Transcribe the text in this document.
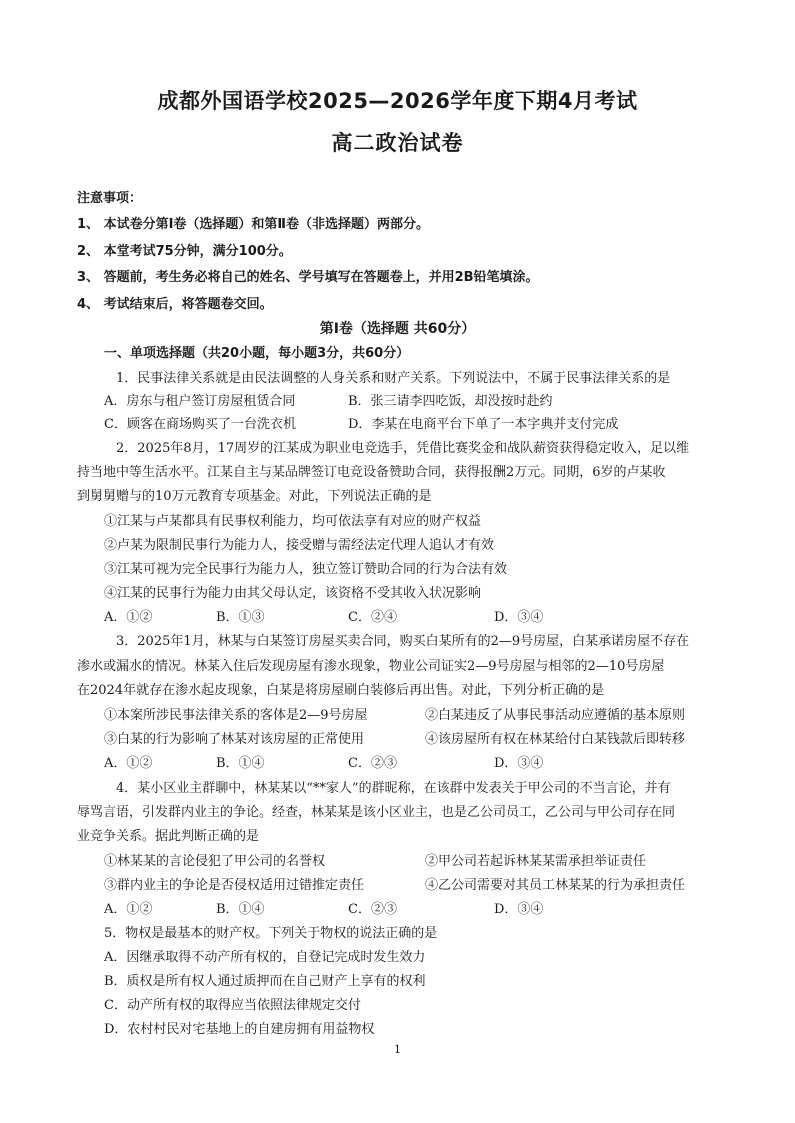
成都外国语学校2025—2026学年度下期4月考试
高二政治试卷
注意事项：
1、 本试卷分第Ⅰ卷（选择题）和第Ⅱ卷（非选择题）两部分。
2、 本堂考试75分钟，满分100分。
3、 答题前，考生务必将自己的姓名、学号填写在答题卷上，并用2B铅笔填涂。
4、 考试结束后，将答题卷交回。
第Ⅰ卷（选择题 共60分）
一、单项选择题（共20小题，每小题3分，共60分）
1．民事法律关系就是由民法调整的人身关系和财产关系。下列说法中，不属于民事法律关系的是
A．房东与租户签订房屋租赁合同	B．张三请李四吃饭，却没按时赴约
C．顾客在商场购买了一台洗衣机	D．李某在电商平台下单了一本字典并支付完成
2．2025年8月，17周岁的江某成为职业电竞选手，凭借比赛奖金和战队薪资获得稳定收入，足以维
持当地中等生活水平。江某自主与某品牌签订电竞设备赞助合同，获得报酬2万元。同期，6岁的卢某收
到舅舅赠与的10万元教育专项基金。对此，下列说法正确的是
①江某与卢某都具有民事权利能力，均可依法享有对应的财产权益
②卢某为限制民事行为能力人，接受赠与需经法定代理人追认才有效
③江某可视为完全民事行为能力人，独立签订赞助合同的行为合法有效
④江某的民事行为能力由其父母认定，该资格不受其收入状况影响
A．①②	B．①③	C．②④	D．③④
3．2025年1月，林某与白某签订房屋买卖合同，购买白某所有的2—9号房屋，白某承诺房屋不存在
渗水或漏水的情况。林某入住后发现房屋有渗水现象，物业公司证实2—9号房屋与相邻的2—10号房屋
在2024年就存在渗水起皮现象，白某是将房屋刷白装修后再出售。对此，下列分析正确的是
①本案所涉民事法律关系的客体是2—9号房屋	②白某违反了从事民事活动应遵循的基本原则
③白某的行为影响了林某对该房屋的正常使用	④该房屋所有权在林某给付白某钱款后即转移
A．①②	B．①④	C．②③	D．③④
4．某小区业主群聊中，林某某以“**家人”的群昵称，在该群中发表关于甲公司的不当言论，并有
辱骂言语，引发群内业主的争论。经查，林某某是该小区业主，也是乙公司员工，乙公司与甲公司存在同
业竞争关系。据此判断正确的是
①林某某的言论侵犯了甲公司的名誉权	②甲公司若起诉林某某需承担举证责任
③群内业主的争论是否侵权适用过错推定责任	④乙公司需要对其员工林某某的行为承担责任
A．①②	B．①④	C．②③	D．③④
5．物权是最基本的财产权。下列关于物权的说法正确的是
A．因继承取得不动产所有权的，自登记完成时发生效力
B．质权是所有权人通过质押而在自己财产上享有的权利
C．动产所有权的取得应当依照法律规定交付
D．农村村民对宅基地上的自建房拥有用益物权
1
